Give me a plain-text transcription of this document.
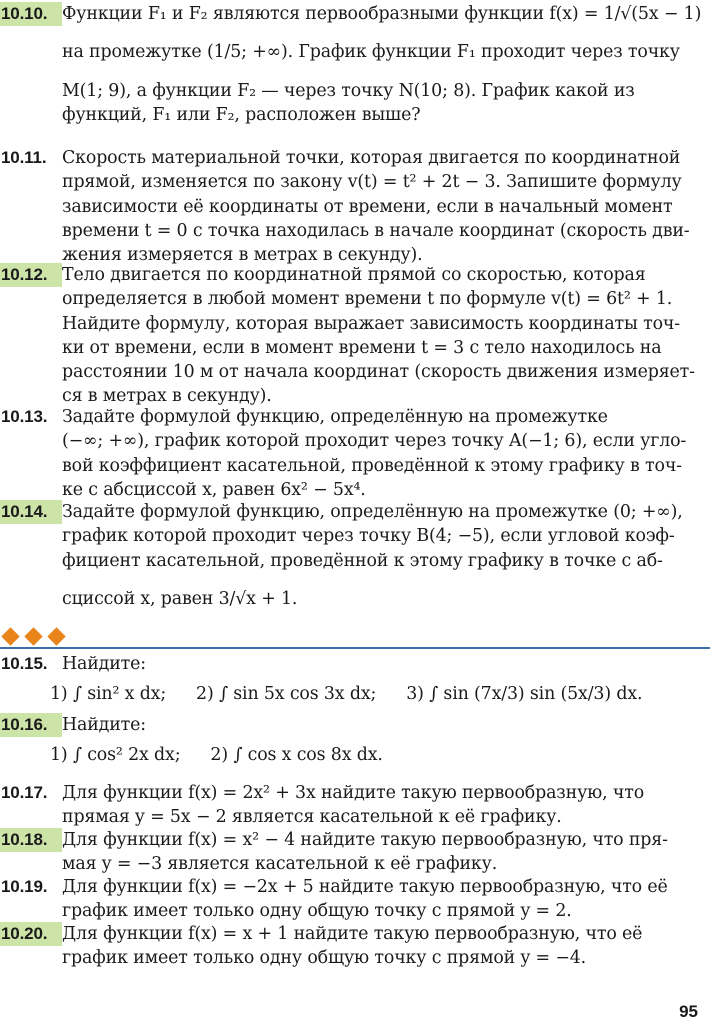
10.10. Функции F₁ и F₂ являются первообразными функции f(x) = 1/√(5x − 1)
на промежутке (1/5; +∞). График функции F₁ проходит через точку
M(1; 9), а функции F₂ — через точку N(10; 8). График какой из
функций, F₁ или F₂, расположен выше?
10.11. Скорость материальной точки, которая двигается по координатной
прямой, изменяется по закону v(t) = t² + 2t − 3. Запишите формулу
зависимости её координаты от времени, если в начальный момент
времени t = 0 с точка находилась в начале координат (скорость дви-
жения измеряется в метрах в секунду).
10.12. Тело двигается по координатной прямой со скоростью, которая
определяется в любой момент времени t по формуле v(t) = 6t² + 1.
Найдите формулу, которая выражает зависимость координаты точ-
ки от времени, если в момент времени t = 3 с тело находилось на
расстоянии 10 м от начала координат (скорость движения измеряет-
ся в метрах в секунду).
10.13. Задайте формулой функцию, определённую на промежутке
(−∞; +∞), график которой проходит через точку A(−1; 6), если угло-
вой коэффициент касательной, проведённой к этому графику в точ-
ке с абсциссой x, равен 6x² − 5x⁴.
10.14. Задайте формулой функцию, определённую на промежутке (0; +∞),
график которой проходит через точку B(4; −5), если угловой коэф-
фициент касательной, проведённой к этому графику в точке с аб-
сциссой x, равен 3/√x + 1.
10.15. Найдите:
1) ∫ sin² x dx; 2) ∫ sin 5x cos 3x dx; 3) ∫ sin (7x/3) sin (5x/3) dx.
10.16. Найдите:
1) ∫ cos² 2x dx; 2) ∫ cos x cos 8x dx.
10.17. Для функции f(x) = 2x² + 3x найдите такую первообразную, что
прямая y = 5x − 2 является касательной к её графику.
10.18. Для функции f(x) = x² − 4 найдите такую первообразную, что пря-
мая y = −3 является касательной к её графику.
10.19. Для функции f(x) = −2x + 5 найдите такую первообразную, что её
график имеет только одну общую точку с прямой y = 2.
10.20. Для функции f(x) = x + 1 найдите такую первообразную, что её
график имеет только одну общую точку с прямой y = −4.
95
